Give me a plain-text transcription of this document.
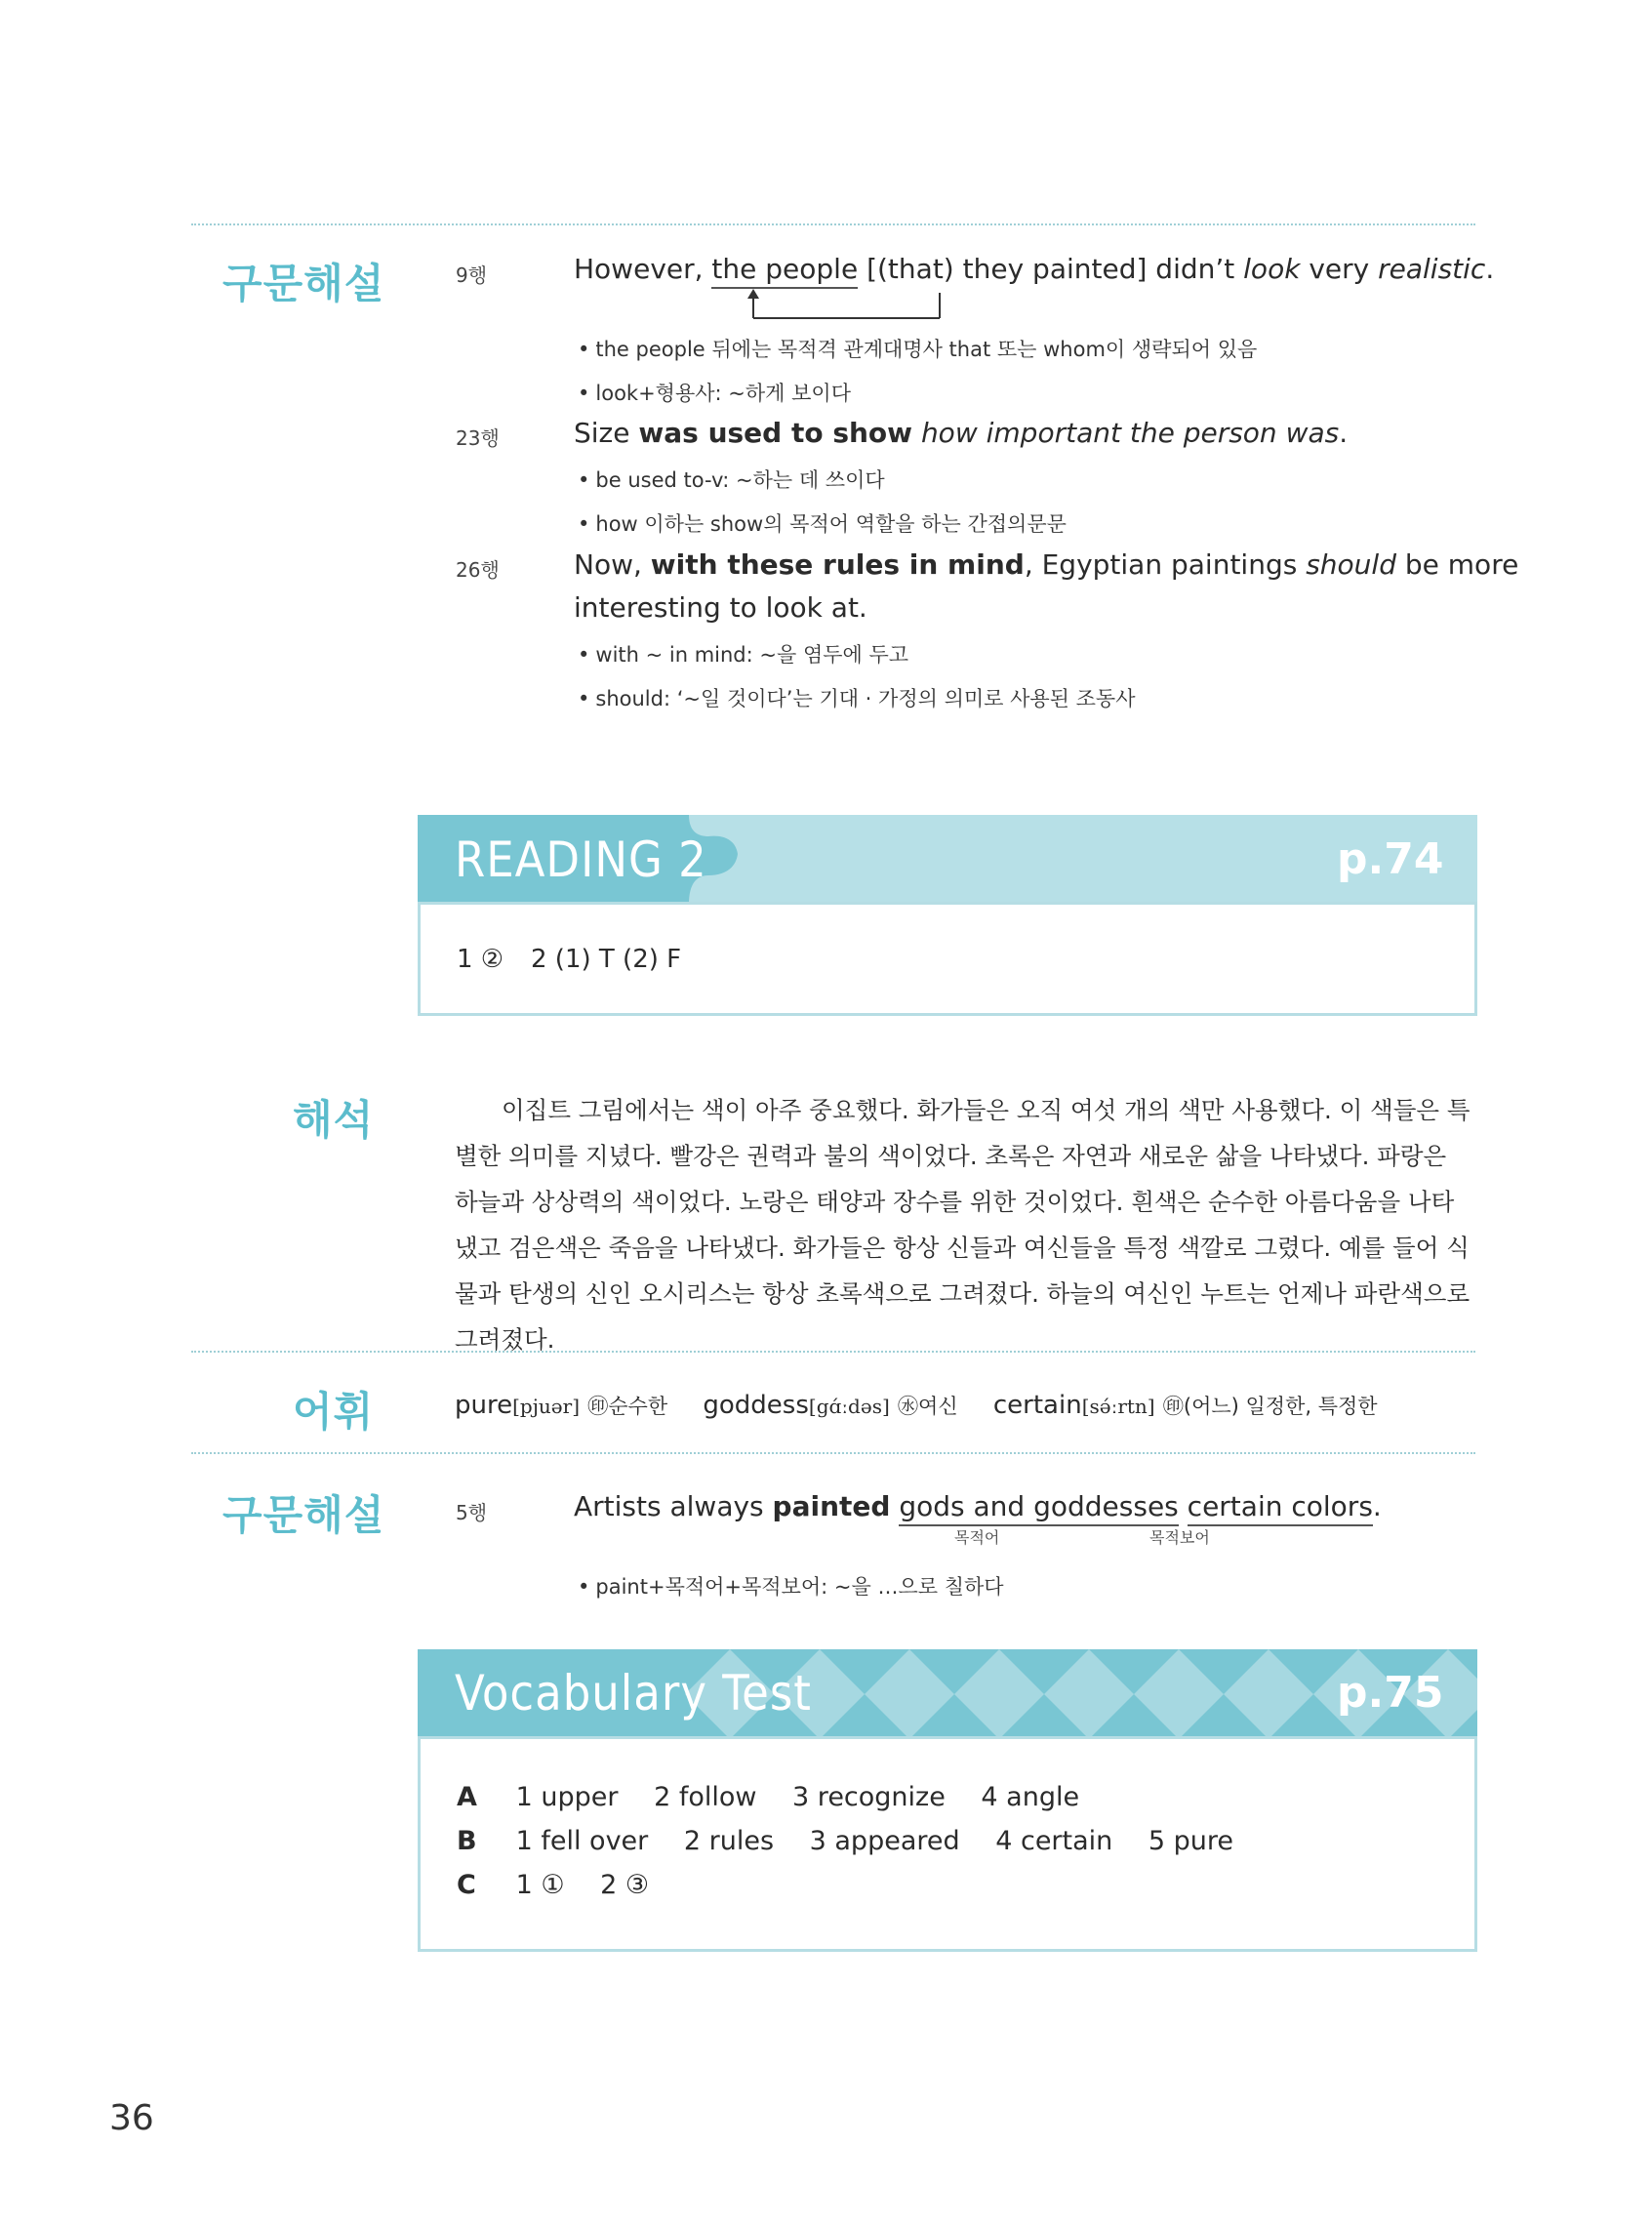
구문해설	9행	However, the people [(that) they painted] didn’t look very realistic.
• the people 뒤에는 목적격 관계대명사 that 또는 whom이 생략되어 있음
• look+형용사: ~하게 보이다
23행	Size was used to show how important the person was.
• be used to-v: ~하는 데 쓰이다
• how 이하는 show의 목적어 역할을 하는 간접의문문
26행	Now, with these rules in mind, Egyptian paintings should be more
interesting to look at.
• with ~ in mind: ~을 염두에 두고
• should: ‘~일 것이다’는 기대 · 가정의 의미로 사용된 조동사
READING 2	p.74
1 ② 2 (1) T (2) F
해석	이집트 그림에서는 색이 아주 중요했다. 화가들은 오직 여섯 개의 색만 사용했다. 이 색들은 특별한 의미를 지녔다. 빨강은 권력과 불의 색이었다. 초록은 자연과 새로운 삶을 나타냈다. 파랑은 하늘과 상상력의 색이었다. 노랑은 태양과 장수를 위한 것이었다. 흰색은 순수한 아름다움을 나타냈고 검은색은 죽음을 나타냈다. 화가들은 항상 신들과 여신들을 특정 색깔로 그렸다. 예를 들어 식물과 탄생의 신인 오시리스는 항상 초록색으로 그려졌다. 하늘의 여신인 누트는 언제나 파란색으로 그려졌다.
어휘	pure[pjuər] ㊞순수한 goddess[gɑ́ːdəs] ㊌여신 certain[sə́ːrtn] ㊞(어느) 일정한, 특정한
구문해설	5행	Artists always painted gods and goddesses certain colors.
목적어	목적보어
• paint+목적어+목적보어: ~을 …으로 칠하다
Vocabulary Test	p.75
A 1 upper 2 follow 3 recognize 4 angle
B 1 fell over 2 rules 3 appeared 4 certain 5 pure
C 1 ① 2 ③
36
